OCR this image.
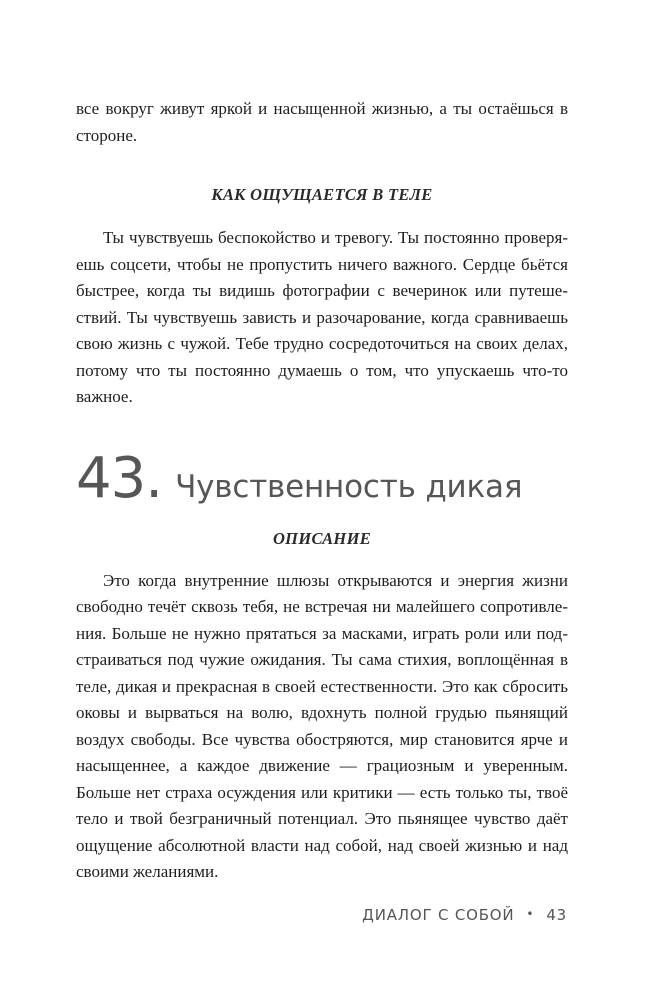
все вокруг живут яркой и насыщенной жизнью, а ты остаёшься в стороне.

КАК ОЩУЩАЕТСЯ В ТЕЛЕ

Ты чувствуешь беспокойство и тревогу. Ты постоянно проверяешь соцсети, чтобы не пропустить ничего важного. Сердце бьётся быстрее, когда ты видишь фотографии с вечеринок или путешествий. Ты чувствуешь зависть и разочарование, когда сравниваешь свою жизнь с чужой. Тебе трудно сосредоточиться на своих делах, потому что ты постоянно думаешь о том, что упускаешь что-то важное.

43 . Чувственность дикая
ОПИСАНИЕ

Это когда внутренние шлюзы открываются и энергия жизни свободно течёт сквозь тебя, не встречая ни малейшего сопротивления. Больше не нужно прятаться за масками, играть роли или подстраиваться под чужие ожидания. Ты сама стихия, воплощённая в теле, дикая и прекрасная в своей естественности. Это как сбросить оковы и вырваться на волю, вдохнуть полной грудью пьянящий воздух свободы. Все чувства обостряются, мир становится ярче и насыщеннее, а каждое движение — грациозным и уверенным. Больше нет страха осуждения или критики — есть только ты, твоё тело и твой безграничный потенциал. Это пьянящее чувство даёт ощущение абсолютной власти над собой, над своей жизнью и над своими желаниями.

ДИАЛОГ С СОБОЙ • 43
